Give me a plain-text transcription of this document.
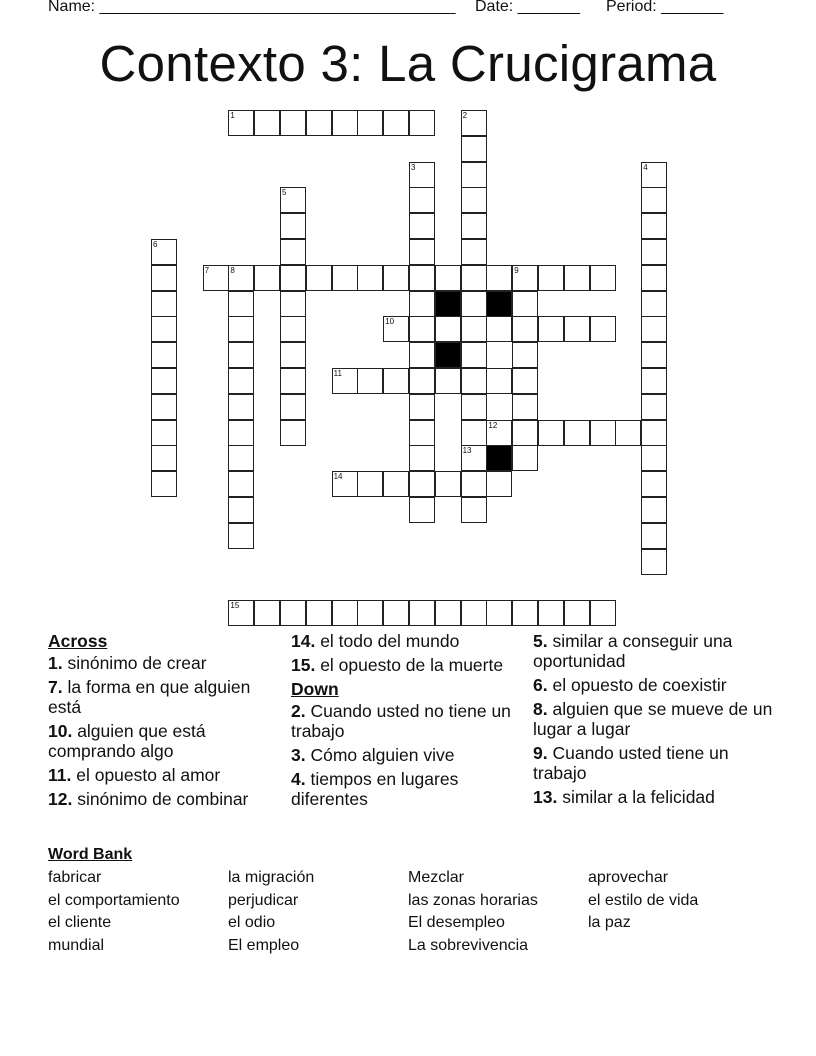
Name: ________________________________________ Date: _______ Period: _______
Contexto 3: La Crucigrama
1	2
3	4
5
6
7	8	9
10
11
12
13
14
15
Across
1. sinónimo de crear
7. la forma en que alguien está
10. alguien que está comprando algo
11. el opuesto al amor
12. sinónimo de combinar
14. el todo del mundo
15. el opuesto de la muerte
Down
2. Cuando usted no tiene un trabajo
3. Cómo alguien vive
4. tiempos en lugares diferentes
5. similar a conseguir una oportunidad
6. el opuesto de coexistir
8. alguien que se mueve de un lugar a lugar
9. Cuando usted tiene un trabajo
13. similar a la felicidad
Word Bank
fabricar	la migración	Mezclar	aprovechar
el comportamiento	perjudicar	las zonas horarias	el estilo de vida
el cliente	el odio	El desempleo	la paz
mundial	El empleo	La sobrevivencia
